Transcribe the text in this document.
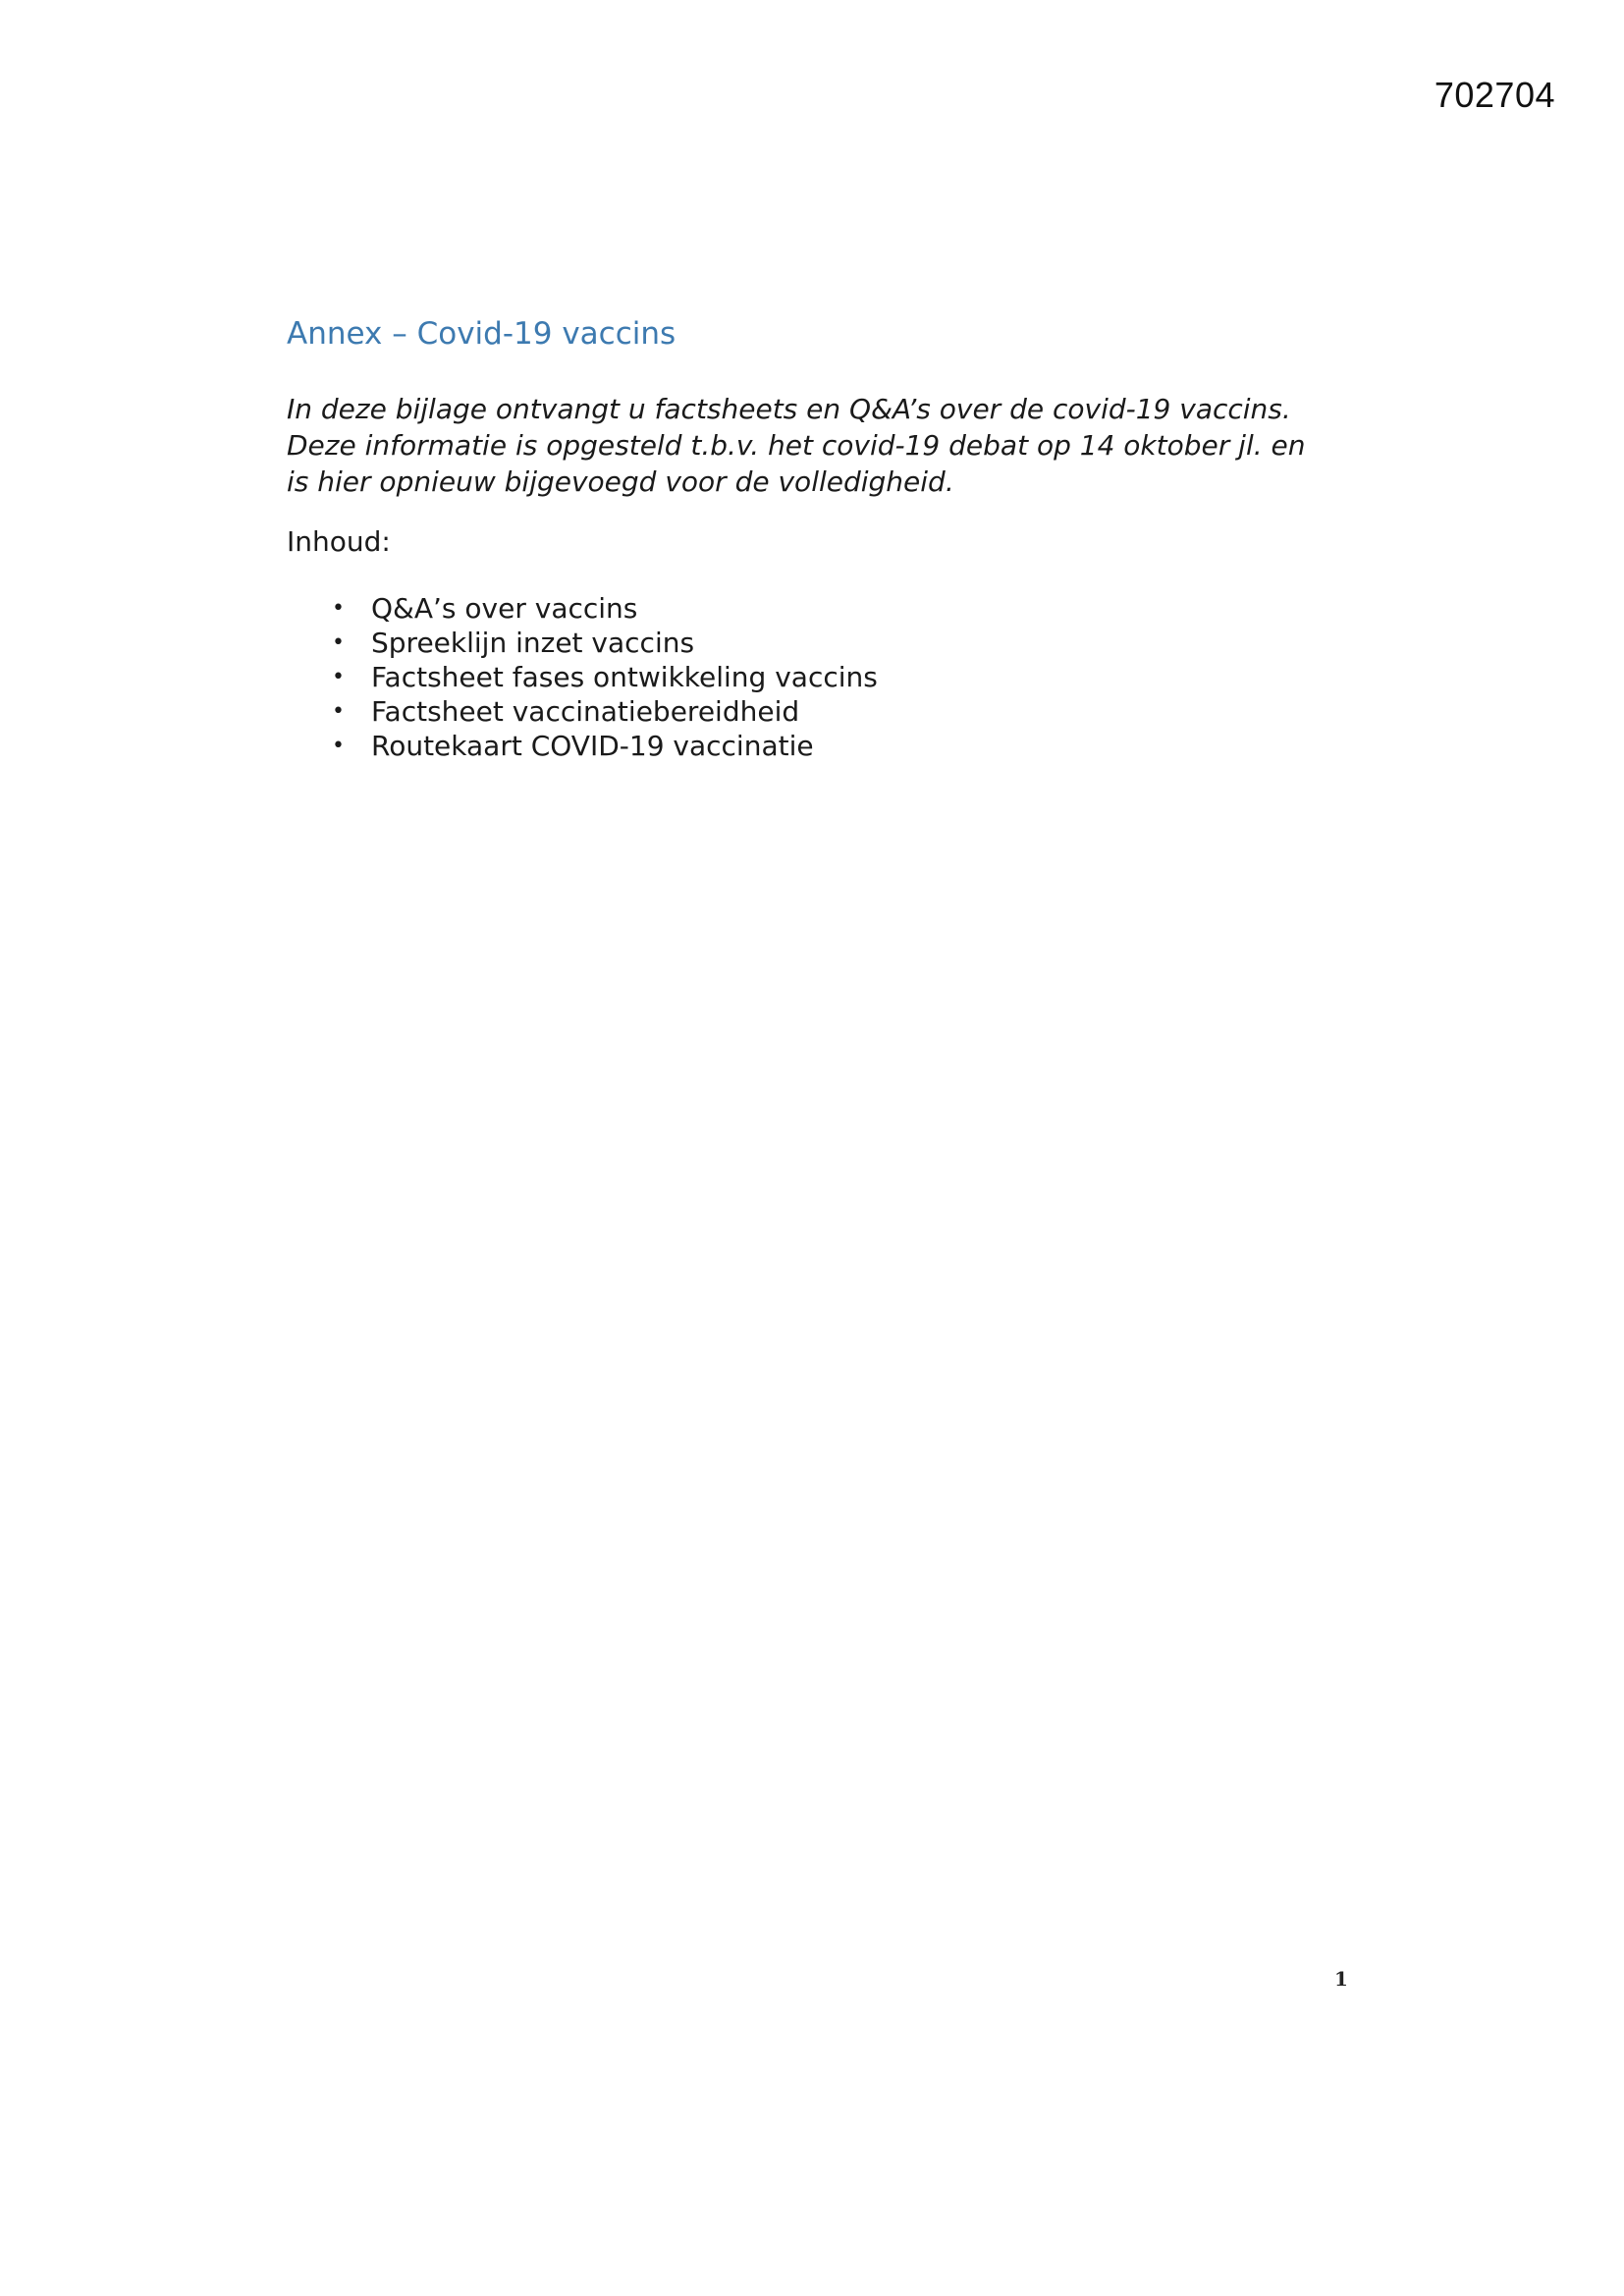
702704
Annex – Covid-19 vaccins

In deze bijlage ontvangt u factsheets en Q&A’s over de covid-19 vaccins.
Deze informatie is opgesteld t.b.v. het covid-19 debat op 14 oktober jl. en
is hier opnieuw bijgevoegd voor de volledigheid.

Inhoud:

• Q&A’s over vaccins
• Spreeklijn inzet vaccins
• Factsheet fases ontwikkeling vaccins
• Factsheet vaccinatiebereidheid
• Routekaart COVID-19 vaccinatie
1
